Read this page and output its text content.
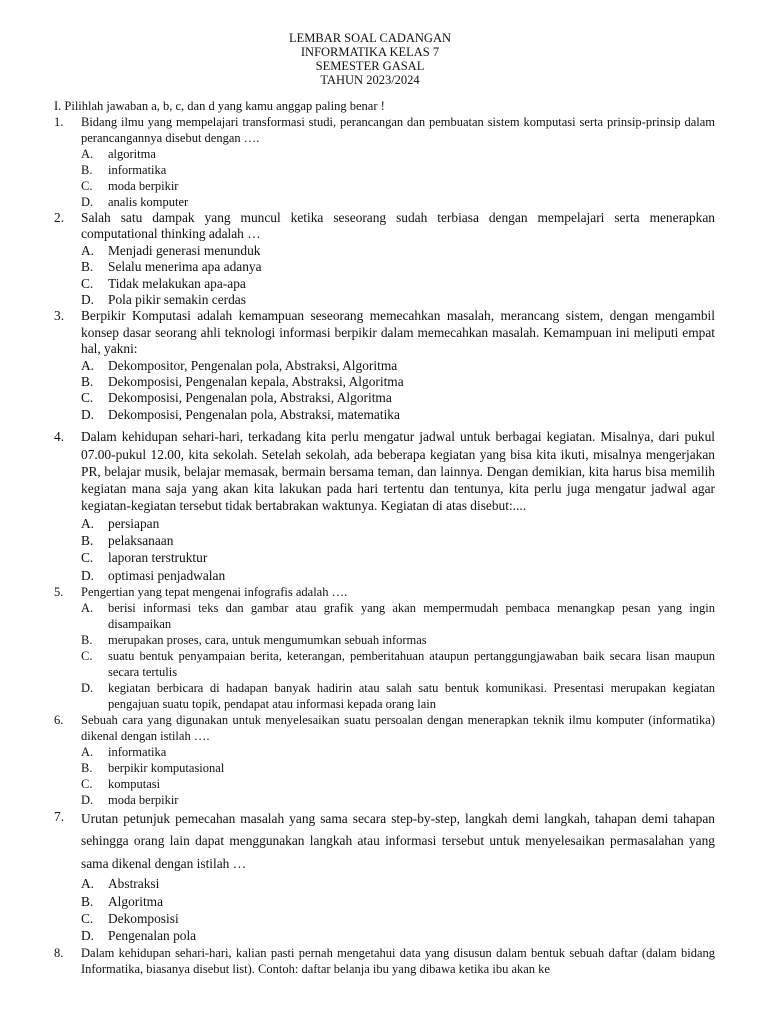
LEMBAR SOAL CADANGAN
INFORMATIKA KELAS 7
SEMESTER GASAL
TAHUN 2023/2024
I. Pilihlah jawaban a, b, c, dan d yang kamu anggap paling benar !
1. Bidang ilmu yang mempelajari transformasi studi, perancangan dan pembuatan sistem komputasi serta prinsip-prinsip dalam perancangannya disebut dengan ….
A. algoritma
B. informatika
C. moda berpikir
D. analis komputer
2. Salah satu dampak yang muncul ketika seseorang sudah terbiasa dengan mempelajari serta menerapkan computational thinking adalah …
A. Menjadi generasi menunduk
B. Selalu menerima apa adanya
C. Tidak melakukan apa-apa
D. Pola pikir semakin cerdas
3. Berpikir Komputasi adalah kemampuan seseorang memecahkan masalah, merancang sistem, dengan mengambil konsep dasar seorang ahli teknologi informasi berpikir dalam memecahkan masalah. Kemampuan ini meliputi empat hal, yakni:
A. Dekompositor, Pengenalan pola, Abstraksi, Algoritma
B. Dekomposisi, Pengenalan kepala, Abstraksi, Algoritma
C. Dekomposisi, Pengenalan pola, Abstraksi, Algoritma
D. Dekomposisi, Pengenalan pola, Abstraksi, matematika
4. Dalam kehidupan sehari-hari, terkadang kita perlu mengatur jadwal untuk berbagai kegiatan. Misalnya, dari pukul 07.00-pukul 12.00, kita sekolah. Setelah sekolah, ada beberapa kegiatan yang bisa kita ikuti, misalnya mengerjakan PR, belajar musik, belajar memasak, bermain bersama teman, dan lainnya. Dengan demikian, kita harus bisa memilih kegiatan mana saja yang akan kita lakukan pada hari tertentu dan tentunya, kita perlu juga mengatur jadwal agar kegiatan-kegiatan tersebut tidak bertabrakan waktunya. Kegiatan di atas disebut:....
A. persiapan
B. pelaksanaan
C. laporan terstruktur
D. optimasi penjadwalan
5. Pengertian yang tepat mengenai infografis adalah ….
A. berisi informasi teks dan gambar atau grafik yang akan mempermudah pembaca menangkap pesan yang ingin disampaikan
B. merupakan proses, cara, untuk mengumumkan sebuah informas
C. suatu bentuk penyampaian berita, keterangan, pemberitahuan ataupun pertanggungjawaban baik secara lisan maupun secara tertulis
D. kegiatan berbicara di hadapan banyak hadirin atau salah satu bentuk komunikasi. Presentasi merupakan kegiatan pengajuan suatu topik, pendapat atau informasi kepada orang lain
6. Sebuah cara yang digunakan untuk menyelesaikan suatu persoalan dengan menerapkan teknik ilmu komputer (informatika) dikenal dengan istilah ….
A. informatika
B. berpikir komputasional
C. komputasi
D. moda berpikir
7. Urutan petunjuk pemecahan masalah yang sama secara step-by-step, langkah demi langkah, tahapan demi tahapan sehingga orang lain dapat menggunakan langkah atau informasi tersebut untuk menyelesaikan permasalahan yang sama dikenal dengan istilah …
A. Abstraksi
B. Algoritma
C. Dekomposisi
D. Pengenalan pola
8. Dalam kehidupan sehari-hari, kalian pasti pernah mengetahui data yang disusun dalam bentuk sebuah daftar (dalam bidang Informatika, biasanya disebut list). Contoh: daftar belanja ibu yang dibawa ketika ibu akan ke
